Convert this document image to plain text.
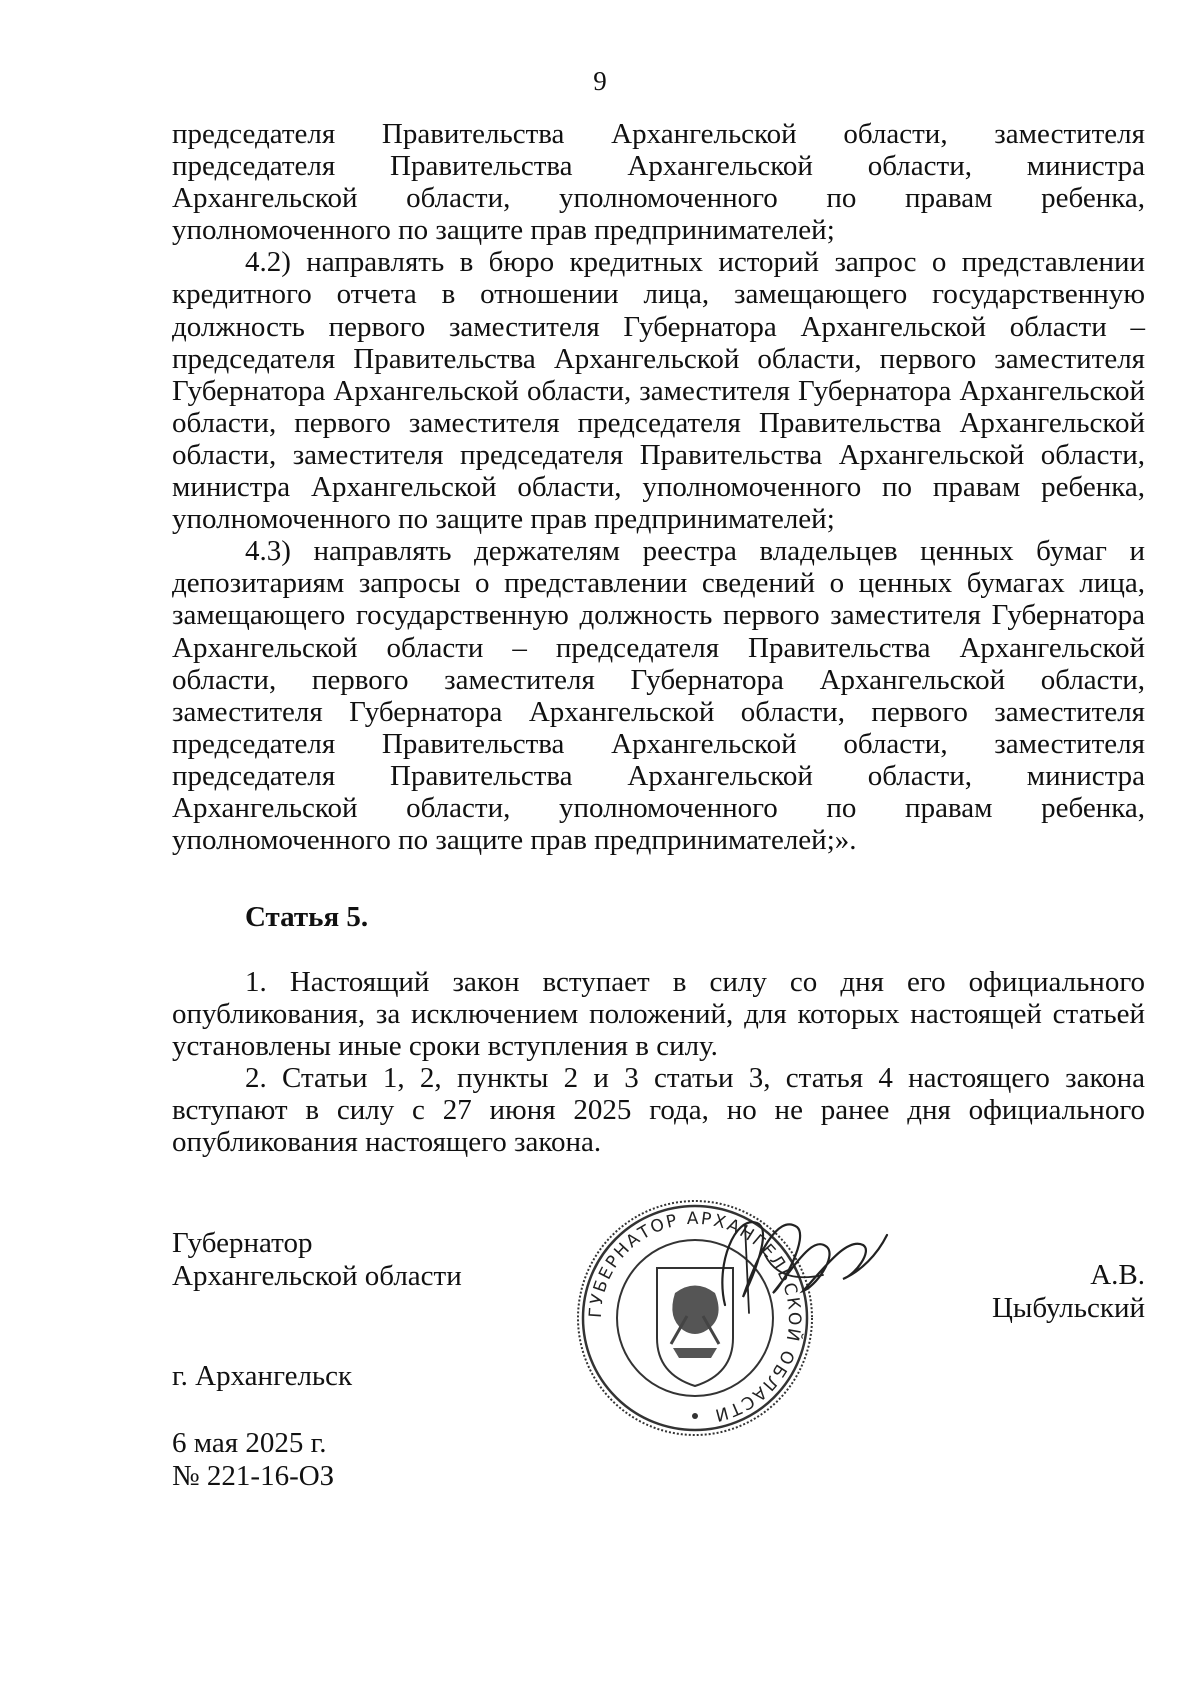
9

председателя Правительства Архангельской области, заместителя председателя Правительства Архангельской области, министра Архангельской области, уполномоченного по правам ребенка, уполномоченного по защите прав предпринимателей;

4.2) направлять в бюро кредитных историй запрос о представлении кредитного отчета в отношении лица, замещающего государственную должность первого заместителя Губернатора Архангельской области – председателя Правительства Архангельской области, первого заместителя Губернатора Архангельской области, заместителя Губернатора Архангельской области, первого заместителя председателя Правительства Архангельской области, заместителя председателя Правительства Архангельской области, министра Архангельской области, уполномоченного по правам ребенка, уполномоченного по защите прав предпринимателей;

4.3) направлять держателям реестра владельцев ценных бумаг и депозитариям запросы о представлении сведений о ценных бумагах лица, замещающего государственную должность первого заместителя Губернатора Архангельской области – председателя Правительства Архангельской области, первого заместителя Губернатора Архангельской области, заместителя Губернатора Архангельской области, первого заместителя председателя Правительства Архангельской области, заместителя председателя Правительства Архангельской области, министра Архангельской области, уполномоченного по правам ребенка, уполномоченного по защите прав предпринимателей;».

Статья 5.

1. Настоящий закон вступает в силу со дня его официального опубликования, за исключением положений, для которых настоящей статьей установлены иные сроки вступления в силу.

2. Статьи 1, 2, пункты 2 и 3 статьи 3, статья 4 настоящего закона вступают в силу с 27 июня 2025 года, но не ранее дня официального опубликования настоящего закона.

Губернатор
Архангельской области	А.В. Цыбульский
ГУБЕРНАТОР АРХАНГЕЛЬСКОЙ ОБЛАСТИ
г. Архангельск
6 мая 2025 г.
№ 221-16-ОЗ
